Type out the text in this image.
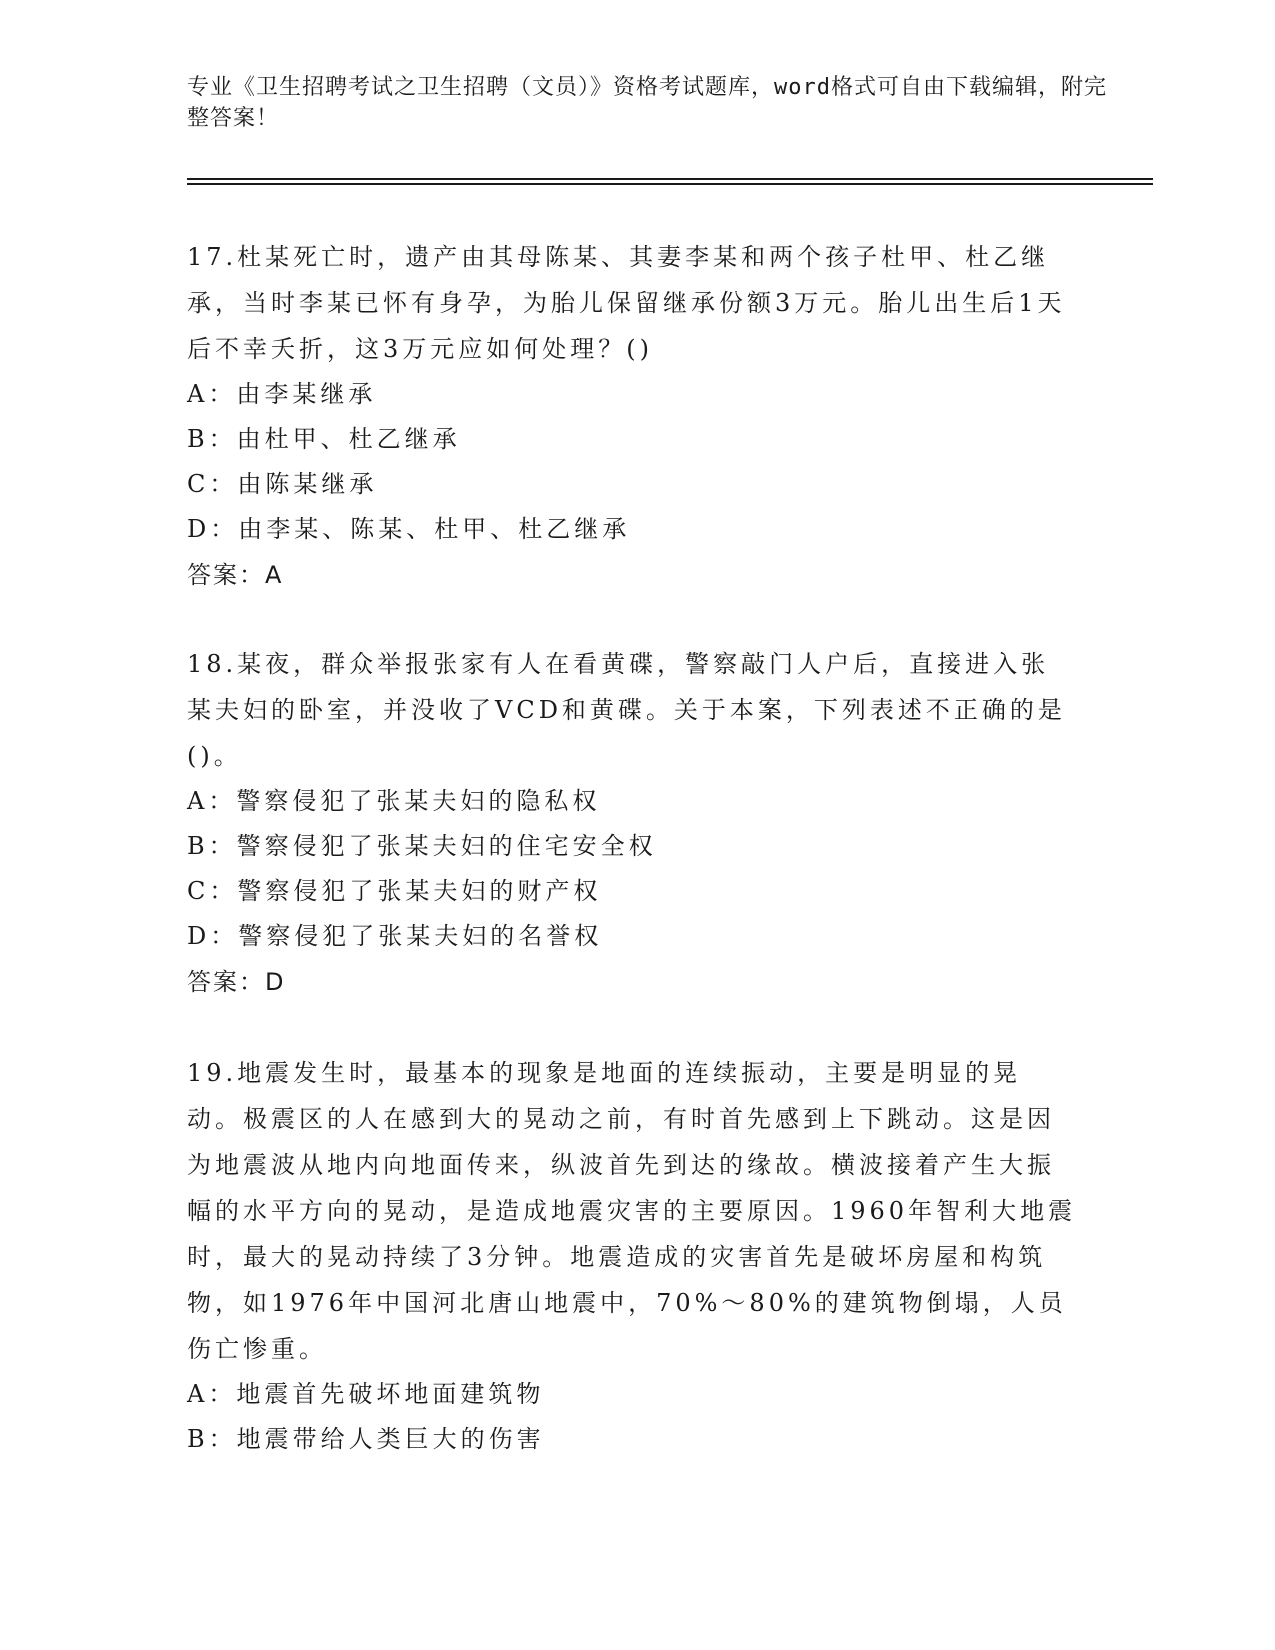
专业《卫生招聘考试之卫生招聘（文员）》资格考试题库，word格式可自由下载编辑，附完整答案！
17.杜某死亡时，遗产由其母陈某、其妻李某和两个孩子杜甲、杜乙继承，当时李某已怀有身孕，为胎儿保留继承份额3万元。胎儿出生后1天后不幸夭折，这3万元应如何处理？()
A：由李某继承
B：由杜甲、杜乙继承
C：由陈某继承
D：由李某、陈某、杜甲、杜乙继承
答案：A
18.某夜，群众举报张家有人在看黄碟，警察敲门人户后，直接进入张某夫妇的卧室，并没收了VCD和黄碟。关于本案，下列表述不正确的是()。
A：警察侵犯了张某夫妇的隐私权
B：警察侵犯了张某夫妇的住宅安全权
C：警察侵犯了张某夫妇的财产权
D：警察侵犯了张某夫妇的名誉权
答案：D
19.地震发生时，最基本的现象是地面的连续振动，主要是明显的晃动。极震区的人在感到大的晃动之前，有时首先感到上下跳动。这是因为地震波从地内向地面传来，纵波首先到达的缘故。横波接着产生大振幅的水平方向的晃动，是造成地震灾害的主要原因。1960年智利大地震时，最大的晃动持续了3分钟。地震造成的灾害首先是破坏房屋和构筑物，如1976年中国河北唐山地震中，70%～80%的建筑物倒塌，人员伤亡惨重。
A：地震首先破坏地面建筑物
B：地震带给人类巨大的伤害
